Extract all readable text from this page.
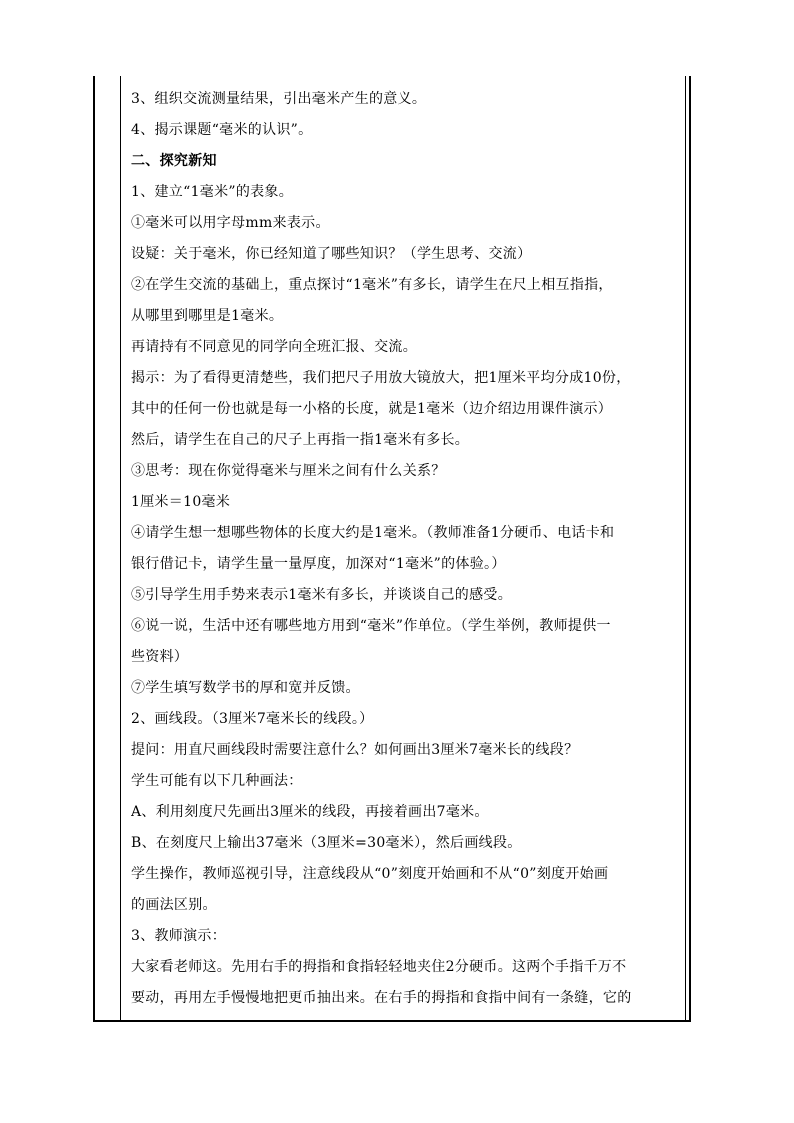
3、组织交流测量结果，引出毫米产生的意义。
4、揭示课题“毫米的认识”。
二、探究新知
1、建立“1毫米”的表象。
①毫米可以用字母mm来表示。
设疑：关于毫米，你已经知道了哪些知识？（学生思考、交流）
②在学生交流的基础上，重点探讨“1毫米”有多长，请学生在尺上相互指指，
从哪里到哪里是1毫米。
再请持有不同意见的同学向全班汇报、交流。
揭示：为了看得更清楚些，我们把尺子用放大镜放大，把1厘米平均分成10份，
其中的任何一份也就是每一小格的长度，就是1毫米（边介绍边用课件演示）
然后，请学生在自己的尺子上再指一指1毫米有多长。
③思考：现在你觉得毫米与厘米之间有什么关系？
1厘米＝10毫米
④请学生想一想哪些物体的长度大约是1毫米。（教师准备1分硬币、电话卡和
银行借记卡，请学生量一量厚度，加深对“1毫米”的体验。）
⑤引导学生用手势来表示1毫米有多长，并谈谈自己的感受。
⑥说一说，生活中还有哪些地方用到“毫米”作单位。（学生举例，教师提供一
些资料）
⑦学生填写数学书的厚和宽并反馈。
2、画线段。（3厘米7毫米长的线段。）
提问：用直尺画线段时需要注意什么？如何画出3厘米7毫米长的线段？
学生可能有以下几种画法：
A、利用刻度尺先画出3厘米的线段，再接着画出7毫米。
B、在刻度尺上输出37毫米（3厘米=30毫米），然后画线段。
学生操作，教师巡视引导，注意线段从“0”刻度开始画和不从“0”刻度开始画
的画法区别。
3、教师演示：
大家看老师这。先用右手的拇指和食指轻轻地夹住2分硬币。这两个手指千万不
要动，再用左手慢慢地把更币抽出来。在右手的拇指和食指中间有一条缝，它的
